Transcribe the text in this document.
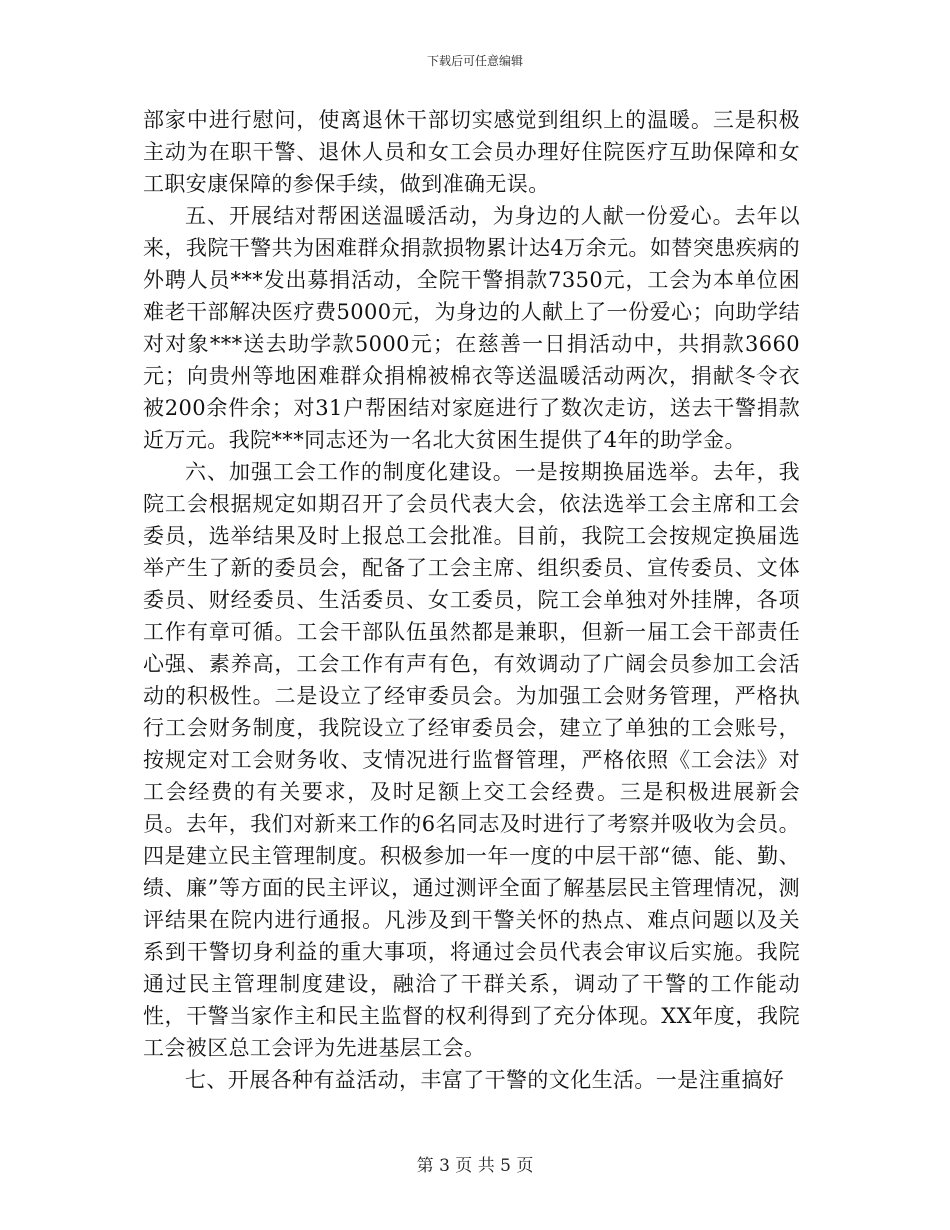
下载后可任意编辑

部家中进行慰问，使离退休干部切实感觉到组织上的温暖。三是积极主动为在职干警、退休人员和女工会员办理好住院医疗互助保障和女工职安康保障的参保手续，做到准确无误。

五、开展结对帮困送温暖活动，为身边的人献一份爱心。去年以来，我院干警共为困难群众捐款损物累计达4万余元。如替突患疾病的外聘人员***发出募捐活动，全院干警捐款7350元，工会为本单位困难老干部解决医疗费5000元，为身边的人献上了一份爱心；向助学结对对象***送去助学款5000元；在慈善一日捐活动中，共捐款3660元；向贵州等地困难群众捐棉被棉衣等送温暖活动两次，捐献冬令衣被200余件余；对31户帮困结对家庭进行了数次走访，送去干警捐款近万元。我院***同志还为一名北大贫困生提供了4年的助学金。

六、加强工会工作的制度化建设。一是按期换届选举。去年，我院工会根据规定如期召开了会员代表大会，依法选举工会主席和工会委员，选举结果及时上报总工会批准。目前，我院工会按规定换届选举产生了新的委员会，配备了工会主席、组织委员、宣传委员、文体委员、财经委员、生活委员、女工委员，院工会单独对外挂牌，各项工作有章可循。工会干部队伍虽然都是兼职，但新一届工会干部责任心强、素养高，工会工作有声有色，有效调动了广阔会员参加工会活动的积极性。二是设立了经审委员会。为加强工会财务管理，严格执行工会财务制度，我院设立了经审委员会，建立了单独的工会账号，按规定对工会财务收、支情况进行监督管理，严格依照《工会法》对工会经费的有关要求，及时足额上交工会经费。三是积极进展新会员。去年，我们对新来工作的6名同志及时进行了考察并吸收为会员。四是建立民主管理制度。积极参加一年一度的中层干部“德、能、勤、绩、廉”等方面的民主评议，通过测评全面了解基层民主管理情况，测评结果在院内进行通报。凡涉及到干警关怀的热点、难点问题以及关系到干警切身利益的重大事项，将通过会员代表会审议后实施。我院通过民主管理制度建设，融洽了干群关系，调动了干警的工作能动性，干警当家作主和民主监督的权利得到了充分体现。XX年度，我院工会被区总工会评为先进基层工会。

七、开展各种有益活动，丰富了干警的文化生活。一是注重搞好

第 3 页 共 5 页
